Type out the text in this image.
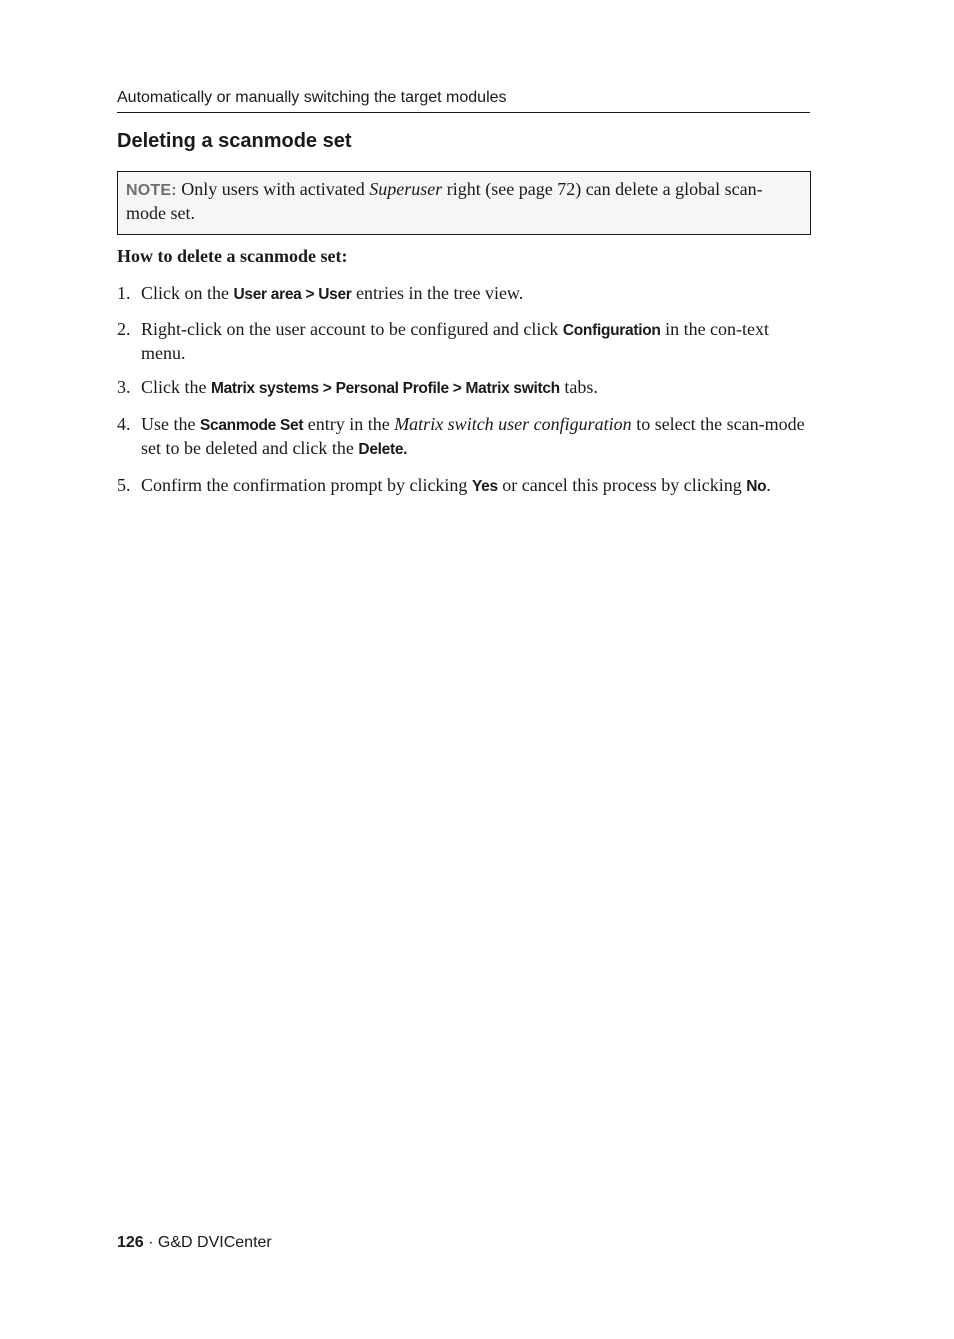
Automatically or manually switching the target modules
Deleting a scanmode set
NOTE: Only users with activated Superuser right (see page 72) can delete a global scan-mode set.
How to delete a scanmode set:
1. Click on the User area > User entries in the tree view.
2. Right-click on the user account to be configured and click Configuration in the con-text menu.
3. Click the Matrix systems > Personal Profile > Matrix switch tabs.
4. Use the Scanmode Set entry in the Matrix switch user configuration to select the scan-mode set to be deleted and click the Delete.
5. Confirm the confirmation prompt by clicking Yes or cancel this process by clicking No.
126 · G&D DVICenter
